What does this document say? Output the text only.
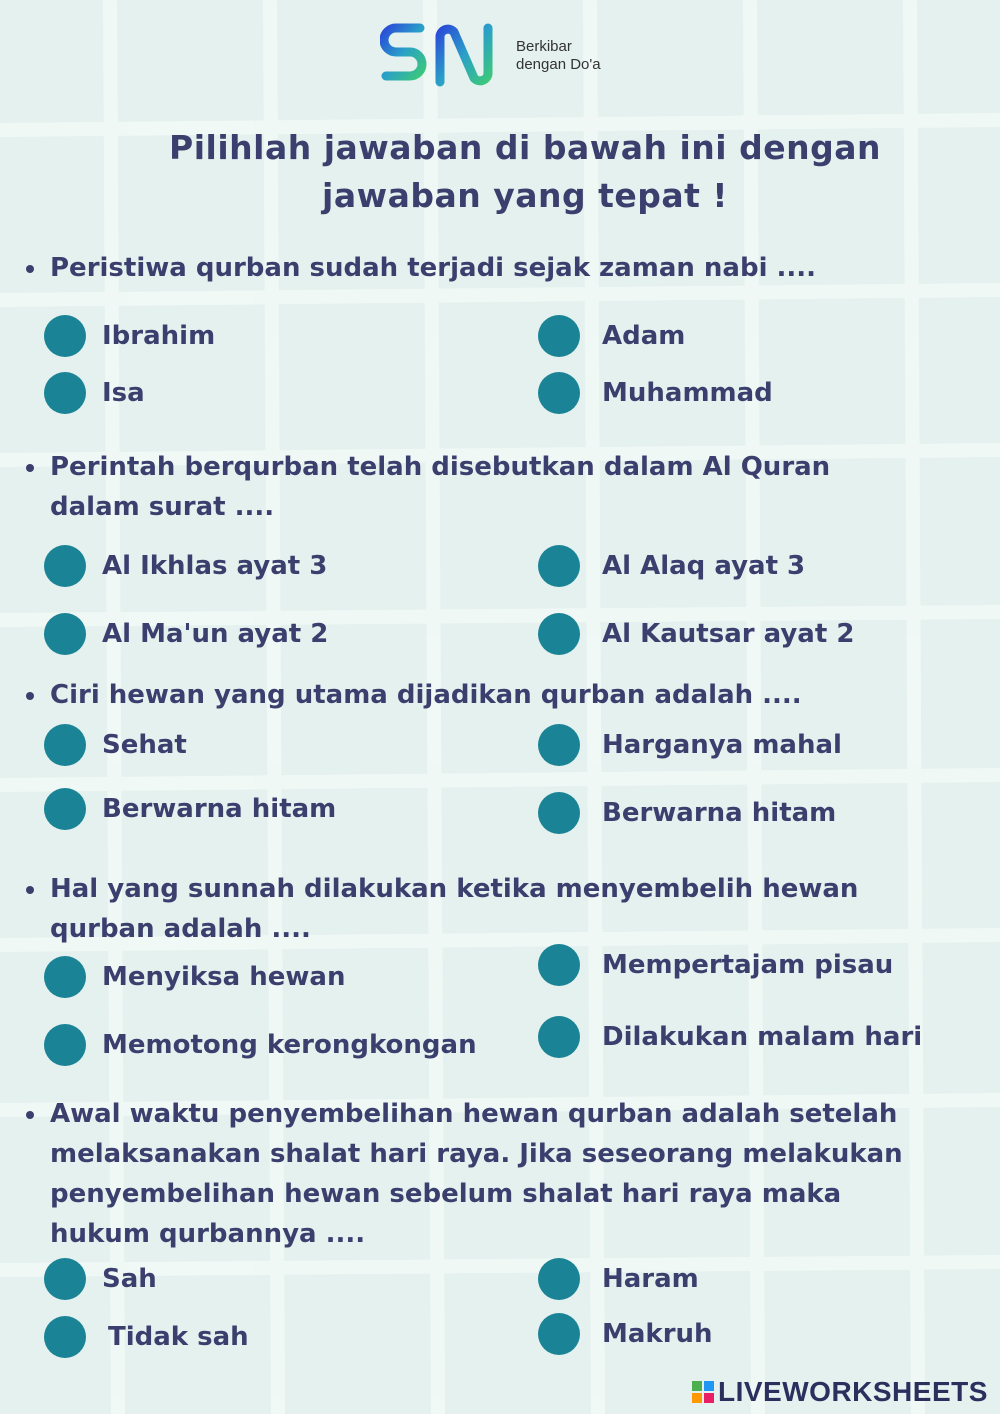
Berkibar
dengan Do'a
Pilihlah jawaban di bawah ini dengan
jawaban yang tepat !
Peristiwa qurban sudah terjadi sejak zaman nabi ....
Ibrahim	Adam
Isa	Muhammad
Perintah berqurban telah disebutkan dalam Al Quran dalam surat ....
Al Ikhlas ayat 3	Al Alaq ayat 3
Al Ma'un ayat 2	Al Kautsar ayat 2
Ciri hewan yang utama dijadikan qurban adalah ....
Sehat	Harganya mahal
Berwarna hitam	Berwarna hitam
Hal yang sunnah dilakukan ketika menyembelih hewan qurban adalah ....
Menyiksa hewan	Mempertajam pisau
Memotong kerongkongan	Dilakukan malam hari
Awal waktu penyembelihan hewan qurban adalah setelah melaksanakan shalat hari raya. Jika seseorang melakukan penyembelihan hewan sebelum shalat hari raya maka hukum qurbannya ....
Sah	Haram
Tidak sah	Makruh
LIVEWORKSHEETS
